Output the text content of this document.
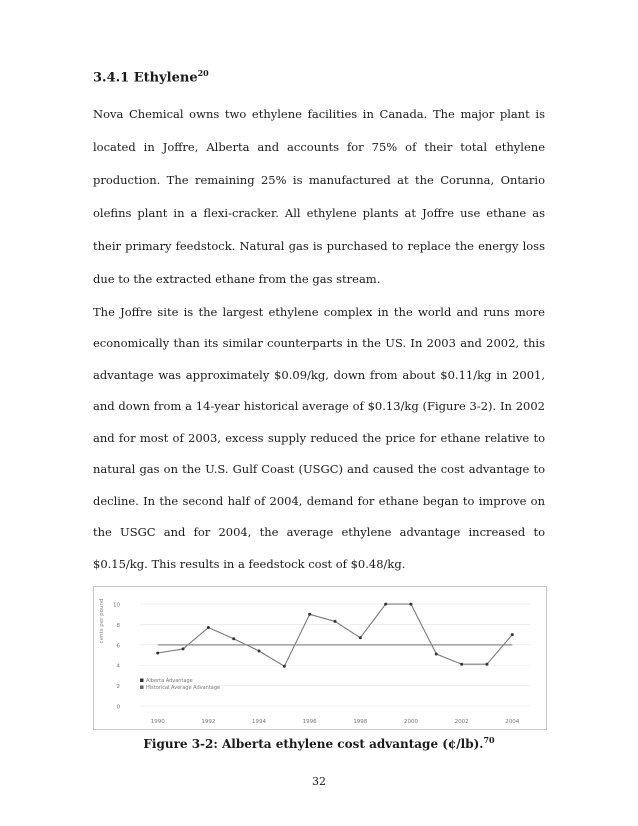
3.4.1 Ethylene$^{20}$
Nova Chemical owns two ethylene facilities in Canada. The major plant is
located in Joffre, Alberta and accounts for 75% of their total ethylene
production. The remaining 25% is manufactured at the Corunna, Ontario
olefins plant in a flexi-cracker. All ethylene plants at Joffre use ethane as
their primary feedstock. Natural gas is purchased to replace the energy loss
due to the extracted ethane from the gas stream.
The Joffre site is the largest ethylene complex in the world and runs more
economically than its similar counterparts in the US. In 2003 and 2002, this
advantage was approximately $0.09/kg, down from about $0.11/kg in 2001,
and down from a 14-year historical average of $0.13/kg (Figure 3-2). In 2002
and for most of 2003, excess supply reduced the price for ethane relative to
natural gas on the U.S. Gulf Coast (USGC) and caused the cost advantage to
decline. In the second half of 2004, demand for ethane began to improve on
the USGC and for 2004, the average ethylene advantage increased to
$0.15/kg. This results in a feedstock cost of $0.48/kg.
0
2
4
6
8
10
cents per pound
1990	1992	1994	1996	1998	2000	2002	2004
Alberta Advantage
Historical Average Advantage
Figure 3-2: Alberta ethylene cost advantage (¢/lb).$^{70}$
32
